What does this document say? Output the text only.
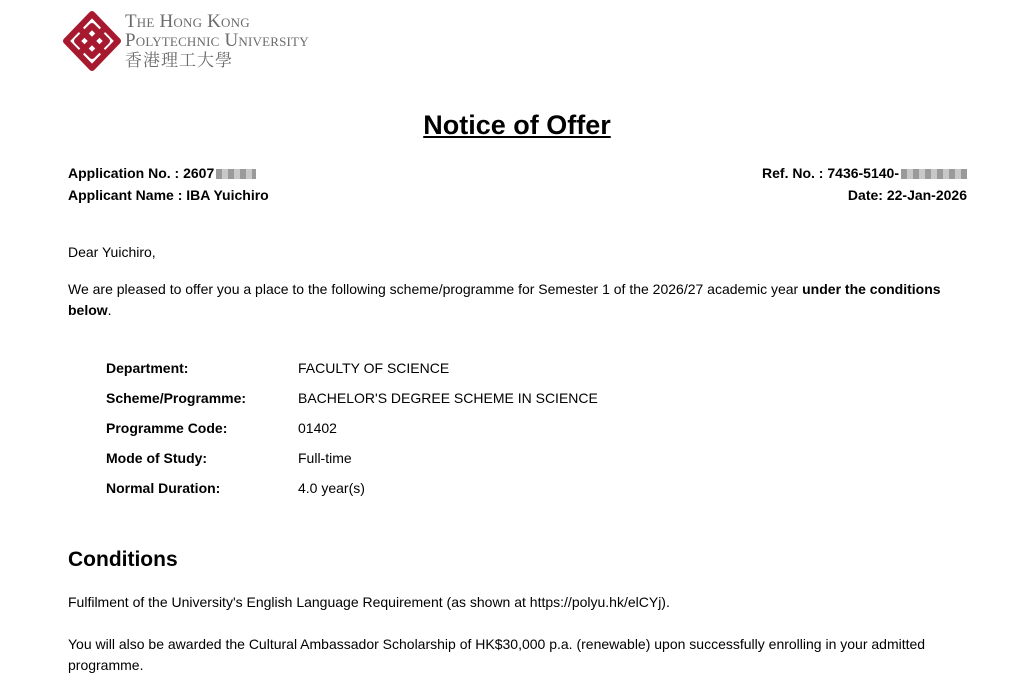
The Hong Kong
Polytechnic University
香港理工大學
Notice of Offer
Application No. : 2607
Applicant Name : IBA Yuichiro
Ref. No. : 7436-5140-
Date: 22-Jan-2026
Dear Yuichiro,
We are pleased to offer you a place to the following scheme/programme for Semester 1 of the 2026/27 academic year under the conditions below.
Department:	FACULTY OF SCIENCE
Scheme/Programme:	BACHELOR'S DEGREE SCHEME IN SCIENCE
Programme Code:	01402
Mode of Study:	Full-time
Normal Duration:	4.0 year(s)
Conditions
Fulfilment of the University's English Language Requirement (as shown at https://polyu.hk/elCYj).
You will also be awarded the Cultural Ambassador Scholarship of HK$30,000 p.a. (renewable) upon successfully enrolling in your admitted programme.
